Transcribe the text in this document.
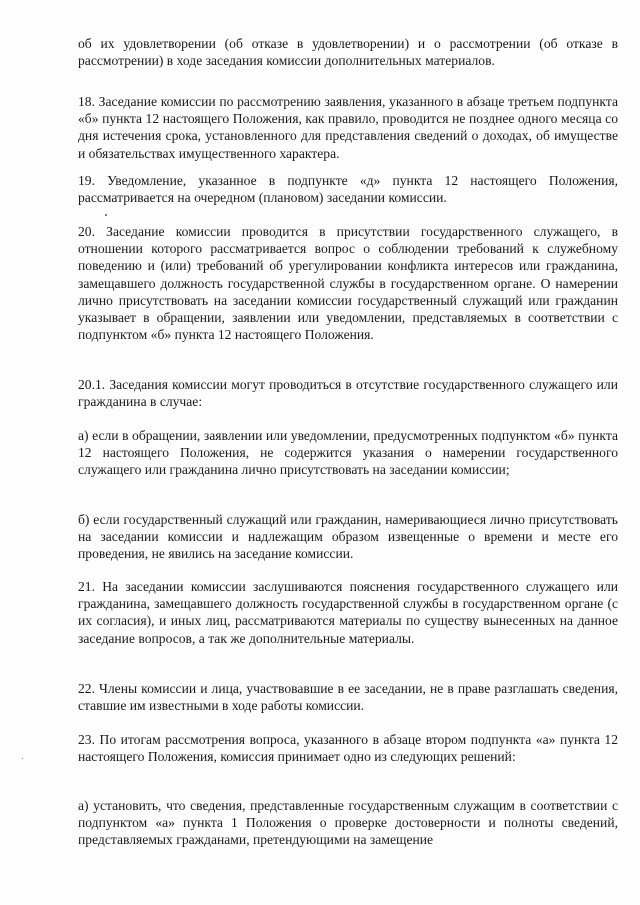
об их удовлетворении (об отказе в удовлетворении) и о рассмотрении (об отказе в рассмотрении) в ходе заседания комиссии дополнительных материалов.

18. Заседание комиссии по рассмотрению заявления, указанного в абзаце третьем подпункта «б» пункта 12 настоящего Положения, как правило, проводится не позднее одного месяца со дня истечения срока, установленного для представления сведений о доходах, об имуществе и обязательствах имущественного характера.

19. Уведомление, указанное в подпункте «д» пункта 12 настоящего Положения, рассматривается на очередном (плановом) заседании комиссии.

20. Заседание комиссии проводится в присутствии государственного служащего, в отношении которого рассматривается вопрос о соблюдении требований к служебному поведению и (или) требований об урегулировании конфликта интересов или гражданина, замещавшего должность государственной службы в государственном органе. О намерении лично присутствовать на заседании комиссии государственный служащий или гражданин указывает в обращении, заявлении или уведомлении, представляемых в соответствии с подпунктом «б» пункта 12 настоящего Положения.

20.1. Заседания комиссии могут проводиться в отсутствие государственного служащего или гражданина в случае:

а) если в обращении, заявлении или уведомлении, предусмотренных подпунктом «б» пункта 12 настоящего Положения, не содержится указания о намерении государственного служащего или гражданина лично присутствовать на заседании комиссии;

б) если государственный служащий или гражданин, намеривающиеся лично присутствовать на заседании комиссии и надлежащим образом извещенные о времени и месте его проведения, не явились на заседание комиссии.

21. На заседании комиссии заслушиваются пояснения государственного служащего или гражданина, замещавшего должность государственной службы в государственном органе (с их согласия), и иных лиц, рассматриваются материалы по существу вынесенных на данное заседание вопросов, а так же дополнительные материалы.

22. Члены комиссии и лица, участвовавшие в ее заседании, не в праве разглашать сведения, ставшие им известными в ходе работы комиссии.

23. По итогам рассмотрения вопроса, указанного в абзаце втором подпункта «а» пункта 12 настоящего Положения, комиссия принимает одно из следующих решений:

а) установить, что сведения, представленные государственным служащим в соответствии с подпунктом «а» пункта 1 Положения о проверке достоверности и полноты сведений, представляемых гражданами, претендующими на замещение
